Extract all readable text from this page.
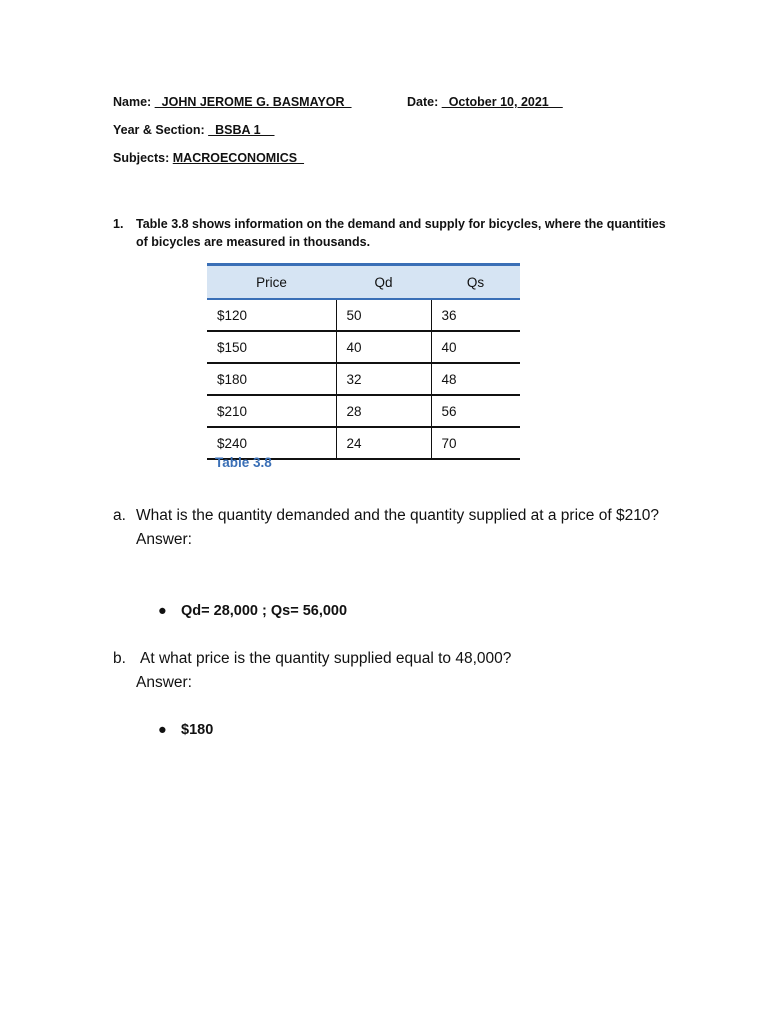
Name: _JOHN JEROME G. BASMAYOR_	Date: _October 10, 2021__
Year & Section: _BSBA 1__
Subjects: MACROECONOMICS_
1. Table 3.8 shows information on the demand and supply for bicycles, where the quantities of bicycles are measured in thousands.
Price	Qd	Qs
$120	50	36
$150	40	40
$180	32	48
$210	28	56
$240	24	70
Table 3.8
a. What is the quantity demanded and the quantity supplied at a price of $210?
Answer:
● Qd= 28,000 ; Qs= 56,000
b. At what price is the quantity supplied equal to 48,000?
Answer:
● $180
